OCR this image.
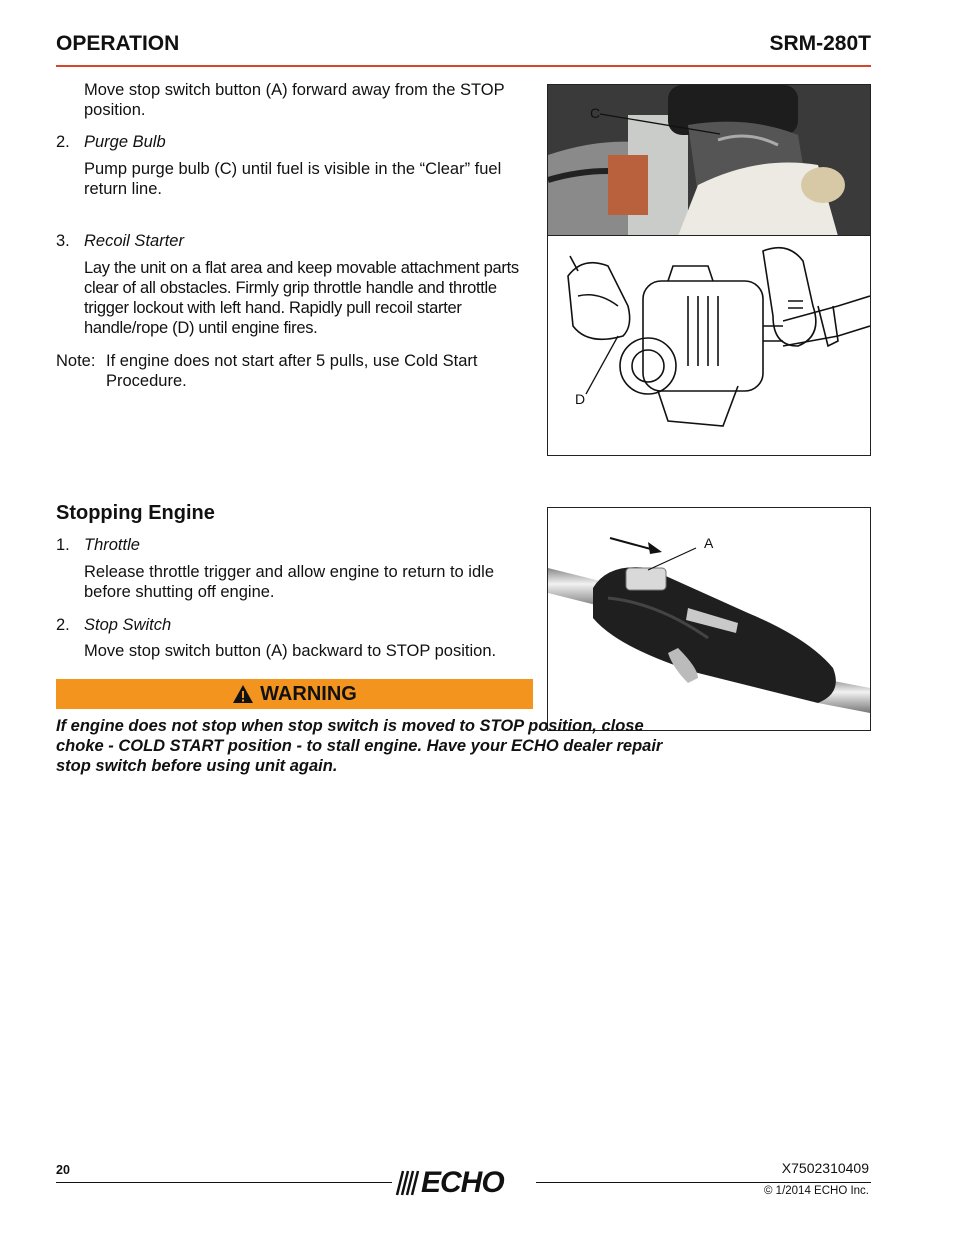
OPERATION	SRM-280T
Move stop switch button (A) forward away from the STOP position.
2. Purge Bulb
Pump purge bulb (C) until fuel is visible in the “Clear” fuel return line.
3. Recoil Starter
Lay the unit on a flat area and keep movable attachment parts clear of all obstacles. Firmly grip throttle handle and throttle trigger lockout with left hand. Rapidly pull recoil starter handle/rope (D) until engine fires.
Note: If engine does not start after 5 pulls, use Cold Start Procedure.
C
D
Stopping Engine
1. Throttle
Release throttle trigger and allow engine to return to idle before shutting off engine.
2. Stop Switch
Move stop switch button (A) backward to STOP position.
A
WARNING
If engine does not stop when stop switch is moved to STOP position, close choke - COLD START position - to stall engine. Have your ECHO dealer repair stop switch before using unit again.
20	X7502310409
ECHO	© 1/2014 ECHO Inc.
